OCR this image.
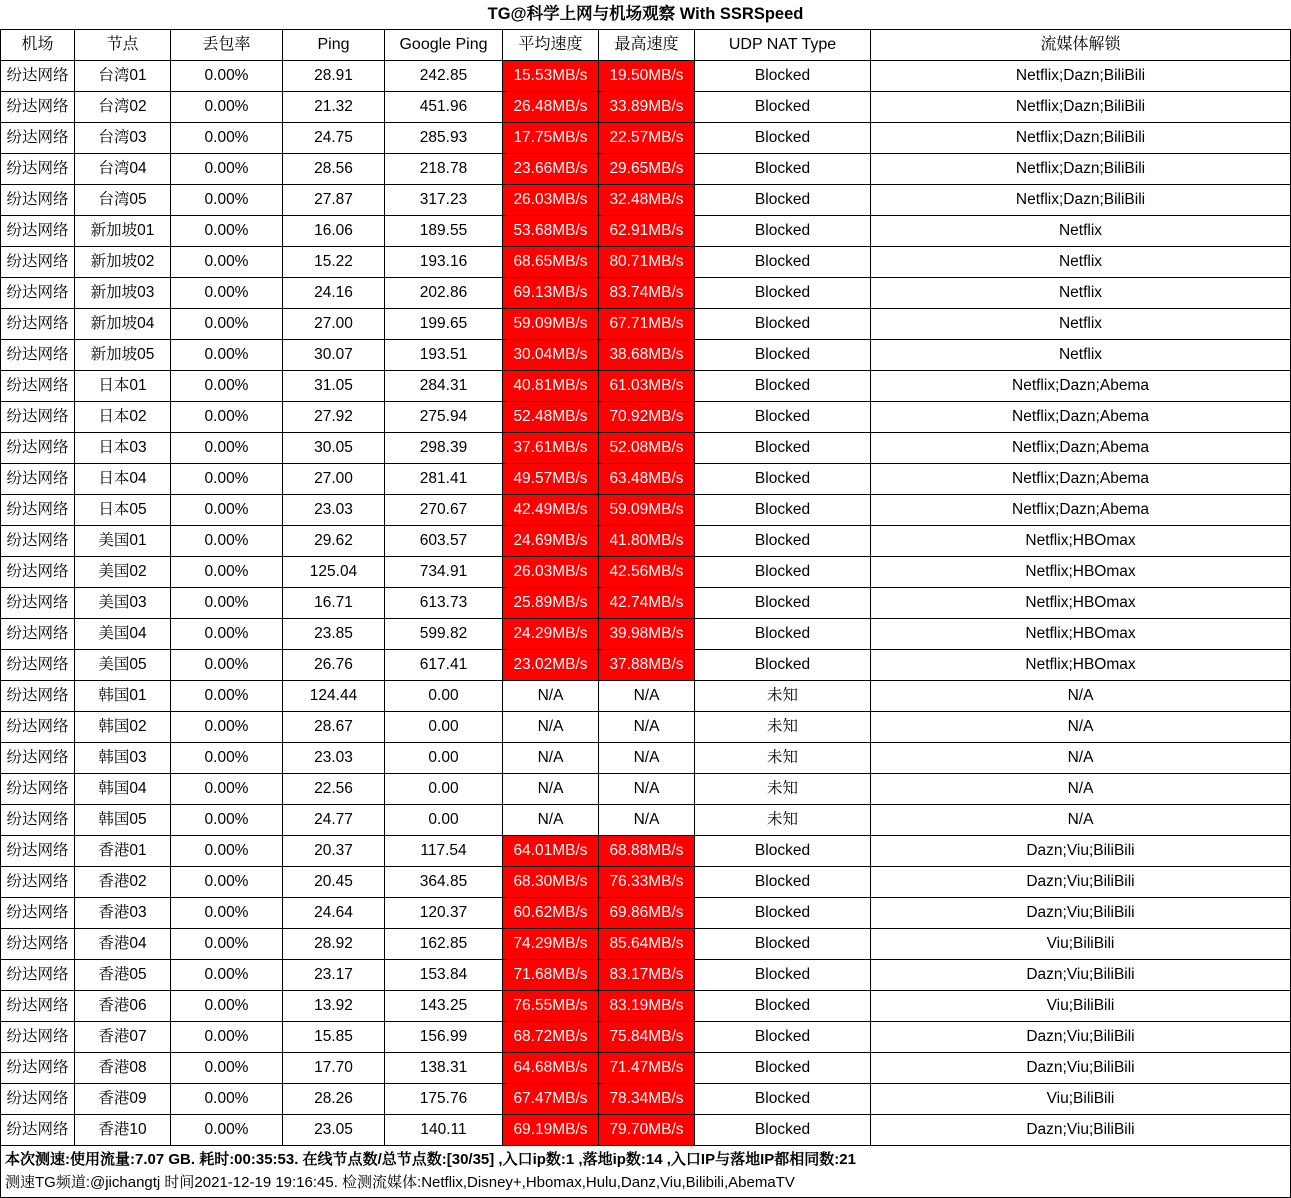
TG@科学上网与机场观察 With SSRSpeed
机场	节点	丢包率	Ping	Google Ping	平均速度	最高速度	UDP NAT Type	流媒体解锁
纷达网络	台湾01	0.00%	28.91	242.85	15.53MB/s	19.50MB/s	Blocked	Netflix;Dazn;BiliBili
纷达网络	台湾02	0.00%	21.32	451.96	26.48MB/s	33.89MB/s	Blocked	Netflix;Dazn;BiliBili
纷达网络	台湾03	0.00%	24.75	285.93	17.75MB/s	22.57MB/s	Blocked	Netflix;Dazn;BiliBili
纷达网络	台湾04	0.00%	28.56	218.78	23.66MB/s	29.65MB/s	Blocked	Netflix;Dazn;BiliBili
纷达网络	台湾05	0.00%	27.87	317.23	26.03MB/s	32.48MB/s	Blocked	Netflix;Dazn;BiliBili
纷达网络	新加坡01	0.00%	16.06	189.55	53.68MB/s	62.91MB/s	Blocked	Netflix
纷达网络	新加坡02	0.00%	15.22	193.16	68.65MB/s	80.71MB/s	Blocked	Netflix
纷达网络	新加坡03	0.00%	24.16	202.86	69.13MB/s	83.74MB/s	Blocked	Netflix
纷达网络	新加坡04	0.00%	27.00	199.65	59.09MB/s	67.71MB/s	Blocked	Netflix
纷达网络	新加坡05	0.00%	30.07	193.51	30.04MB/s	38.68MB/s	Blocked	Netflix
纷达网络	日本01	0.00%	31.05	284.31	40.81MB/s	61.03MB/s	Blocked	Netflix;Dazn;Abema
纷达网络	日本02	0.00%	27.92	275.94	52.48MB/s	70.92MB/s	Blocked	Netflix;Dazn;Abema
纷达网络	日本03	0.00%	30.05	298.39	37.61MB/s	52.08MB/s	Blocked	Netflix;Dazn;Abema
纷达网络	日本04	0.00%	27.00	281.41	49.57MB/s	63.48MB/s	Blocked	Netflix;Dazn;Abema
纷达网络	日本05	0.00%	23.03	270.67	42.49MB/s	59.09MB/s	Blocked	Netflix;Dazn;Abema
纷达网络	美国01	0.00%	29.62	603.57	24.69MB/s	41.80MB/s	Blocked	Netflix;HBOmax
纷达网络	美国02	0.00%	125.04	734.91	26.03MB/s	42.56MB/s	Blocked	Netflix;HBOmax
纷达网络	美国03	0.00%	16.71	613.73	25.89MB/s	42.74MB/s	Blocked	Netflix;HBOmax
纷达网络	美国04	0.00%	23.85	599.82	24.29MB/s	39.98MB/s	Blocked	Netflix;HBOmax
纷达网络	美国05	0.00%	26.76	617.41	23.02MB/s	37.88MB/s	Blocked	Netflix;HBOmax
纷达网络	韩国01	0.00%	124.44	0.00	N/A	N/A	未知	N/A
纷达网络	韩国02	0.00%	28.67	0.00	N/A	N/A	未知	N/A
纷达网络	韩国03	0.00%	23.03	0.00	N/A	N/A	未知	N/A
纷达网络	韩国04	0.00%	22.56	0.00	N/A	N/A	未知	N/A
纷达网络	韩国05	0.00%	24.77	0.00	N/A	N/A	未知	N/A
纷达网络	香港01	0.00%	20.37	117.54	64.01MB/s	68.88MB/s	Blocked	Dazn;Viu;BiliBili
纷达网络	香港02	0.00%	20.45	364.85	68.30MB/s	76.33MB/s	Blocked	Dazn;Viu;BiliBili
纷达网络	香港03	0.00%	24.64	120.37	60.62MB/s	69.86MB/s	Blocked	Dazn;Viu;BiliBili
纷达网络	香港04	0.00%	28.92	162.85	74.29MB/s	85.64MB/s	Blocked	Viu;BiliBili
纷达网络	香港05	0.00%	23.17	153.84	71.68MB/s	83.17MB/s	Blocked	Dazn;Viu;BiliBili
纷达网络	香港06	0.00%	13.92	143.25	76.55MB/s	83.19MB/s	Blocked	Viu;BiliBili
纷达网络	香港07	0.00%	15.85	156.99	68.72MB/s	75.84MB/s	Blocked	Dazn;Viu;BiliBili
纷达网络	香港08	0.00%	17.70	138.31	64.68MB/s	71.47MB/s	Blocked	Dazn;Viu;BiliBili
纷达网络	香港09	0.00%	28.26	175.76	67.47MB/s	78.34MB/s	Blocked	Viu;BiliBili
纷达网络	香港10	0.00%	23.05	140.11	69.19MB/s	79.70MB/s	Blocked	Dazn;Viu;BiliBili
本次测速:使用流量:7.07 GB. 耗时:00:35:53. 在线节点数/总节点数:[30/35] ,入口ip数:1 ,落地ip数:14 ,入口IP与落地IP都相同数:21
测速TG频道:@jichangtj 时间2021-12-19 19:16:45. 检测流媒体:Netflix,Disney+,Hbomax,Hulu,Danz,Viu,Bilibili,AbemaTV
